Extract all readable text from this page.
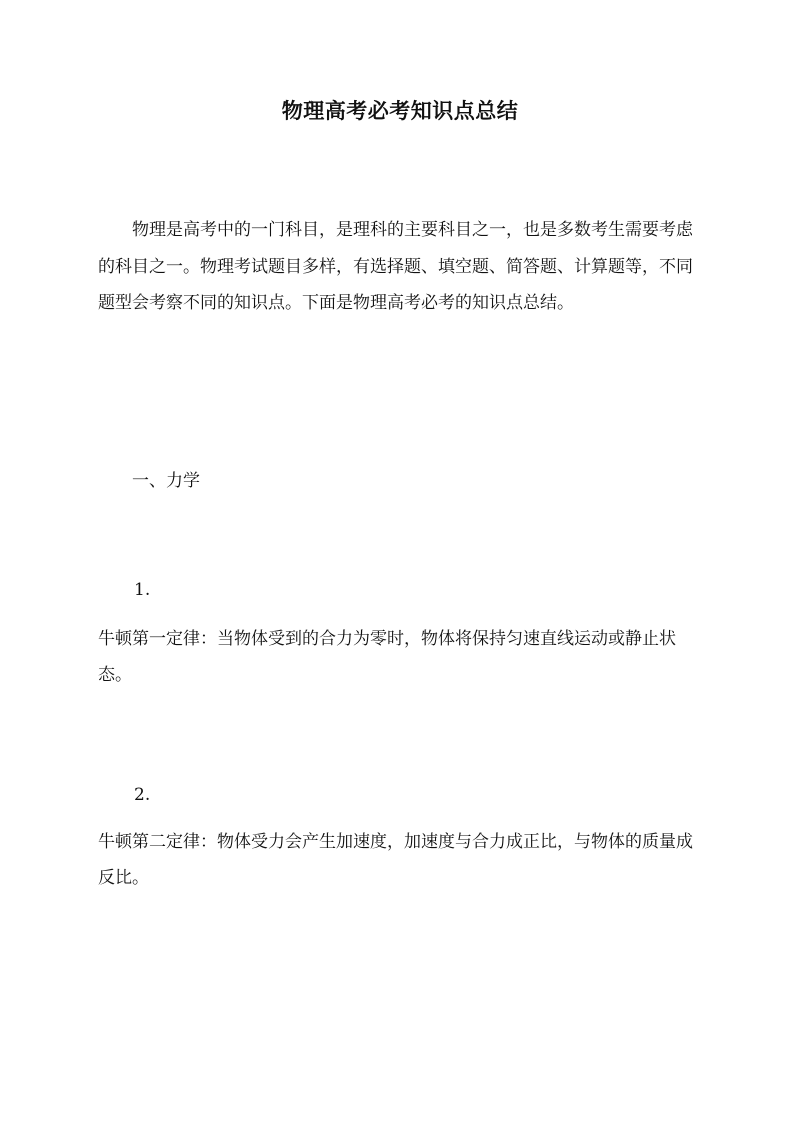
物理高考必考知识点总结

物理是高考中的一门科目，是理科的主要科目之一，也是多数考生需要考虑的科目之一。物理考试题目多样，有选择题、填空题、简答题、计算题等，不同题型会考察不同的知识点。下面是物理高考必考的知识点总结。

一、力学
1.

牛顿第一定律：当物体受到的合力为零时，物体将保持匀速直线运动或静止状态。

2.

牛顿第二定律：物体受力会产生加速度，加速度与合力成正比，与物体的质量成反比。
